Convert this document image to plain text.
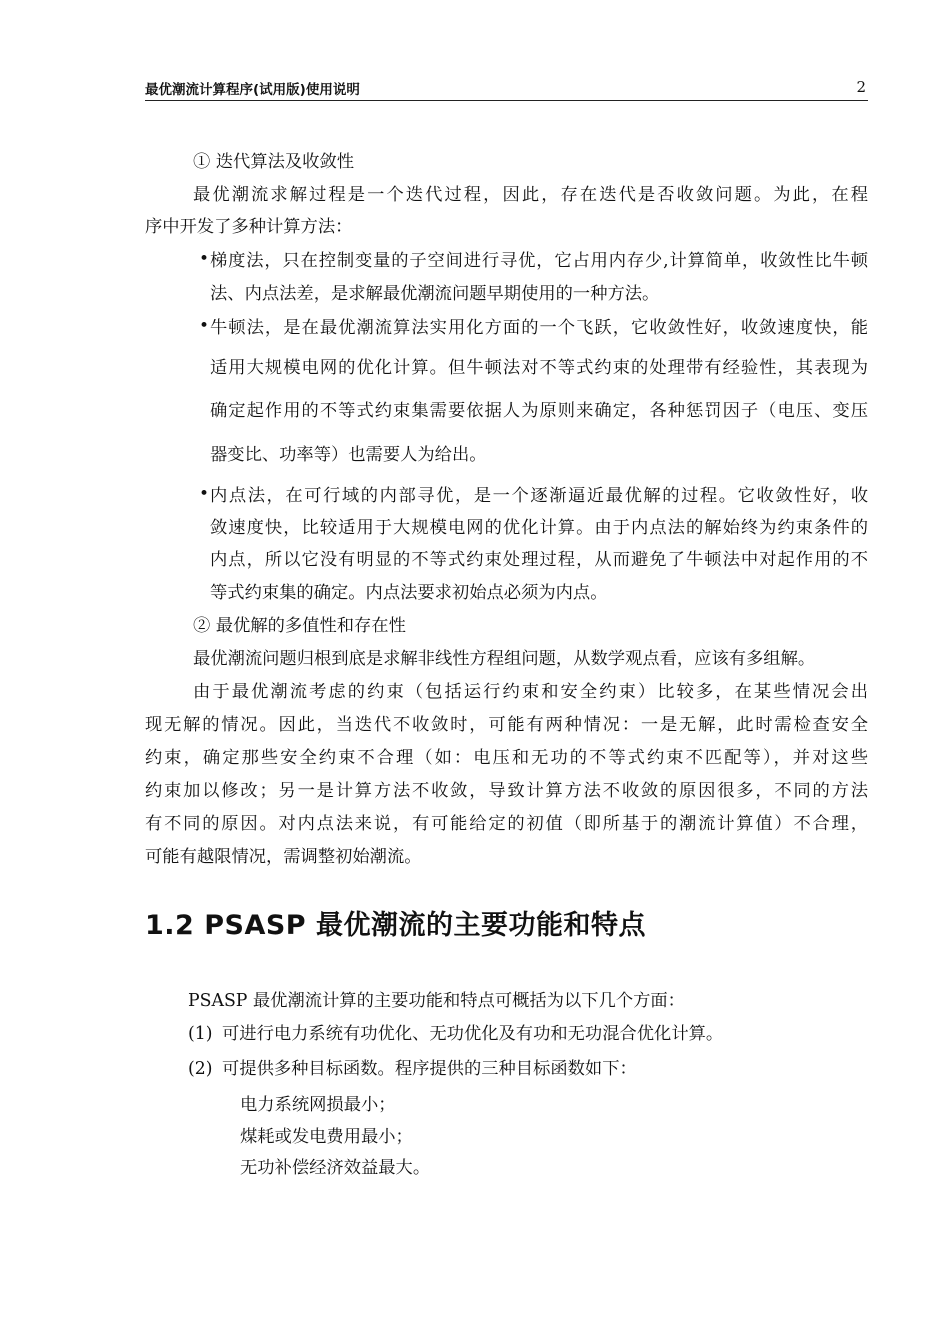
最优潮流计算程序(试用版)使用说明	2
① 迭代算法及收敛性
最优潮流求解过程是一个迭代过程，因此，存在迭代是否收敛问题。为此，在程
序中开发了多种计算方法：
• 梯度法，只在控制变量的子空间进行寻优，它占用内存少,计算简单，收敛性比牛顿
法、内点法差，是求解最优潮流问题早期使用的一种方法。
• 牛顿法，是在最优潮流算法实用化方面的一个飞跃，它收敛性好，收敛速度快，能
适用大规模电网的优化计算。但牛顿法对不等式约束的处理带有经验性，其表现为
确定起作用的不等式约束集需要依据人为原则来确定，各种惩罚因子（电压、变压
器变比、功率等）也需要人为给出。
• 内点法，在可行域的内部寻优，是一个逐渐逼近最优解的过程。它收敛性好，收
敛速度快，比较适用于大规模电网的优化计算。由于内点法的解始终为约束条件的
内点，所以它没有明显的不等式约束处理过程，从而避免了牛顿法中对起作用的不
等式约束集的确定。内点法要求初始点必须为内点。
② 最优解的多值性和存在性
最优潮流问题归根到底是求解非线性方程组问题，从数学观点看，应该有多组解。
由于最优潮流考虑的约束（包括运行约束和安全约束）比较多，在某些情况会出
现无解的情况。因此，当迭代不收敛时，可能有两种情况：一是无解，此时需检查安全
约束，确定那些安全约束不合理（如：电压和无功的不等式约束不匹配等），并对这些
约束加以修改；另一是计算方法不收敛，导致计算方法不收敛的原因很多，不同的方法
有不同的原因。对内点法来说，有可能给定的初值（即所基于的潮流计算值）不合理，
可能有越限情况，需调整初始潮流。
1.2 PSASP 最优潮流的主要功能和特点
PSASP 最优潮流计算的主要功能和特点可概括为以下几个方面：
(1) 可进行电力系统有功优化、无功优化及有功和无功混合优化计算。
(2) 可提供多种目标函数。程序提供的三种目标函数如下：
电力系统网损最小；
煤耗或发电费用最小；
无功补偿经济效益最大。
